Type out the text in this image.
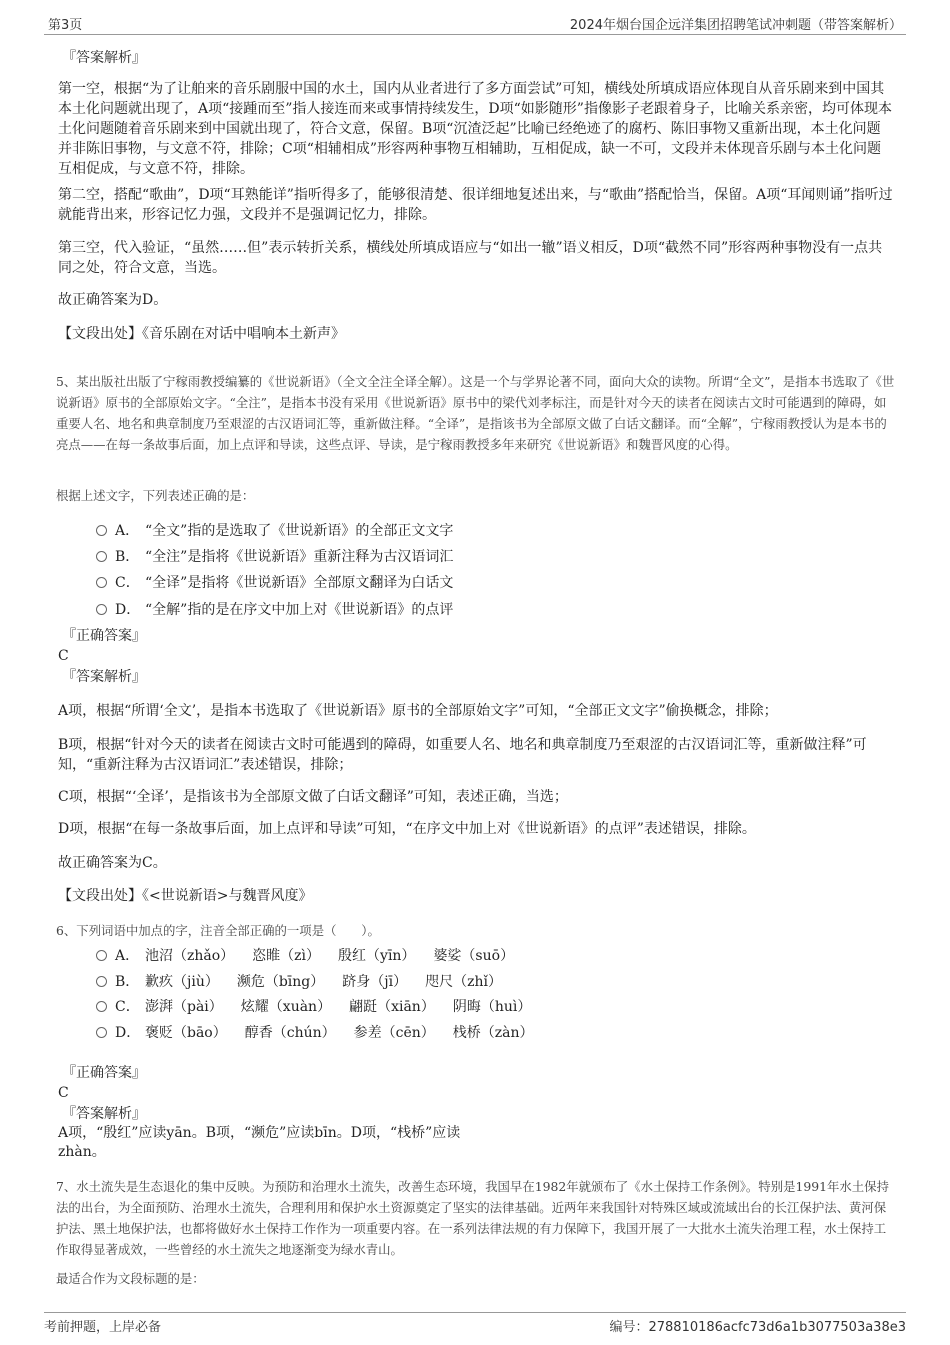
第3页	2024年烟台国企远洋集团招聘笔试冲刺题（带答案解析）
『答案解析』
第一空，根据“为了让舶来的音乐剧服中国的水土，国内从业者进行了多方面尝试”可知，横线处所填成语应体现自从音乐剧来到中国其本土化问题就出现了，A项“接踵而至”指人接连而来或事情持续发生，D项“如影随形”指像影子老跟着身子，比喻关系亲密，均可体现本土化问题随着音乐剧来到中国就出现了，符合文意，保留。B项“沉渣泛起”比喻已经绝迹了的腐朽、陈旧事物又重新出现，本土化问题并非陈旧事物，与文意不符，排除；C项“相辅相成”形容两种事物互相辅助，互相促成，缺一不可，文段并未体现音乐剧与本土化问题互相促成，与文意不符，排除。
第二空，搭配“歌曲”，D项“耳熟能详”指听得多了，能够很清楚、很详细地复述出来，与“歌曲”搭配恰当，保留。A项“耳闻则诵”指听过就能背出来，形容记忆力强，文段并不是强调记忆力，排除。
第三空，代入验证，“虽然……但”表示转折关系，横线处所填成语应与“如出一辙”语义相反，D项“截然不同”形容两种事物没有一点共同之处，符合文意，当选。
故正确答案为D。
【文段出处】《音乐剧在对话中唱响本土新声》
5、某出版社出版了宁稼雨教授编纂的《世说新语》（全文全注全译全解）。这是一个与学界论著不同，面向大众的读物。所谓“全文”，是指本书选取了《世说新语》原书的全部原始文字。“全注”，是指本书没有采用《世说新语》原书中的梁代刘孝标注，而是针对今天的读者在阅读古文时可能遇到的障碍，如重要人名、地名和典章制度乃至艰涩的古汉语词汇等，重新做注释。“全译”，是指该书为全部原文做了白话文翻译。而“全解”，宁稼雨教授认为是本书的亮点——在每一条故事后面，加上点评和导读，这些点评、导读，是宁稼雨教授多年来研究《世说新语》和魏晋风度的心得。
根据上述文字，下列表述正确的是：
A． “全文”指的是选取了《世说新语》的全部正文文字
B． “全注”是指将《世说新语》重新注释为古汉语词汇
C． “全译”是指将《世说新语》全部原文翻译为白话文
D． “全解”指的是在序文中加上对《世说新语》的点评
『正确答案』
C
『答案解析』
A项，根据“所谓‘全文’，是指本书选取了《世说新语》原书的全部原始文字”可知，“全部正文文字”偷换概念，排除；
B项，根据“针对今天的读者在阅读古文时可能遇到的障碍，如重要人名、地名和典章制度乃至艰涩的古汉语词汇等，重新做注释”可知，“重新注释为古汉语词汇”表述错误，排除；
C项，根据“‘全译’，是指该书为全部原文做了白话文翻译”可知，表述正确，当选；
D项，根据“在每一条故事后面，加上点评和导读”可知，“在序文中加上对《世说新语》的点评”表述错误，排除。
故正确答案为C。
【文段出处】《<世说新语>与魏晋风度》
6、下列词语中加点的字，注音全部正确的一项是（　　）。
A． 池沼（zhǎo） 恣睢（zì） 殷红（yīn） 婆娑（suō）
B． 歉疚（jiù） 濒危（bīng） 跻身（jī） 咫尺（zhǐ）
C． 澎湃（pài） 炫耀（xuàn） 翩跹（xiān） 阴晦（huì）
D． 褒贬（bāo） 醇香（chún） 参差（cēn） 栈桥（zàn）
『正确答案』
C
『答案解析』
A项，“殷红”应读yān。B项，“濒危”应读bīn。D项，“栈桥”应读
zhàn。
7、水土流失是生态退化的集中反映。为预防和治理水土流失，改善生态环境，我国早在1982年就颁布了《水土保持工作条例》。特别是1991年水土保持法的出台，为全面预防、治理水土流失，合理利用和保护水土资源奠定了坚实的法律基础。近两年来我国针对特殊区域或流域出台的长江保护法、黄河保护法、黑土地保护法，也都将做好水土保持工作作为一项重要内容。在一系列法律法规的有力保障下，我国开展了一大批水土流失治理工程，水土保持工作取得显著成效，一些曾经的水土流失之地逐渐变为绿水青山。
最适合作为文段标题的是：
考前押题，上岸必备	编号：278810186acfc73d6a1b3077503a38e3
